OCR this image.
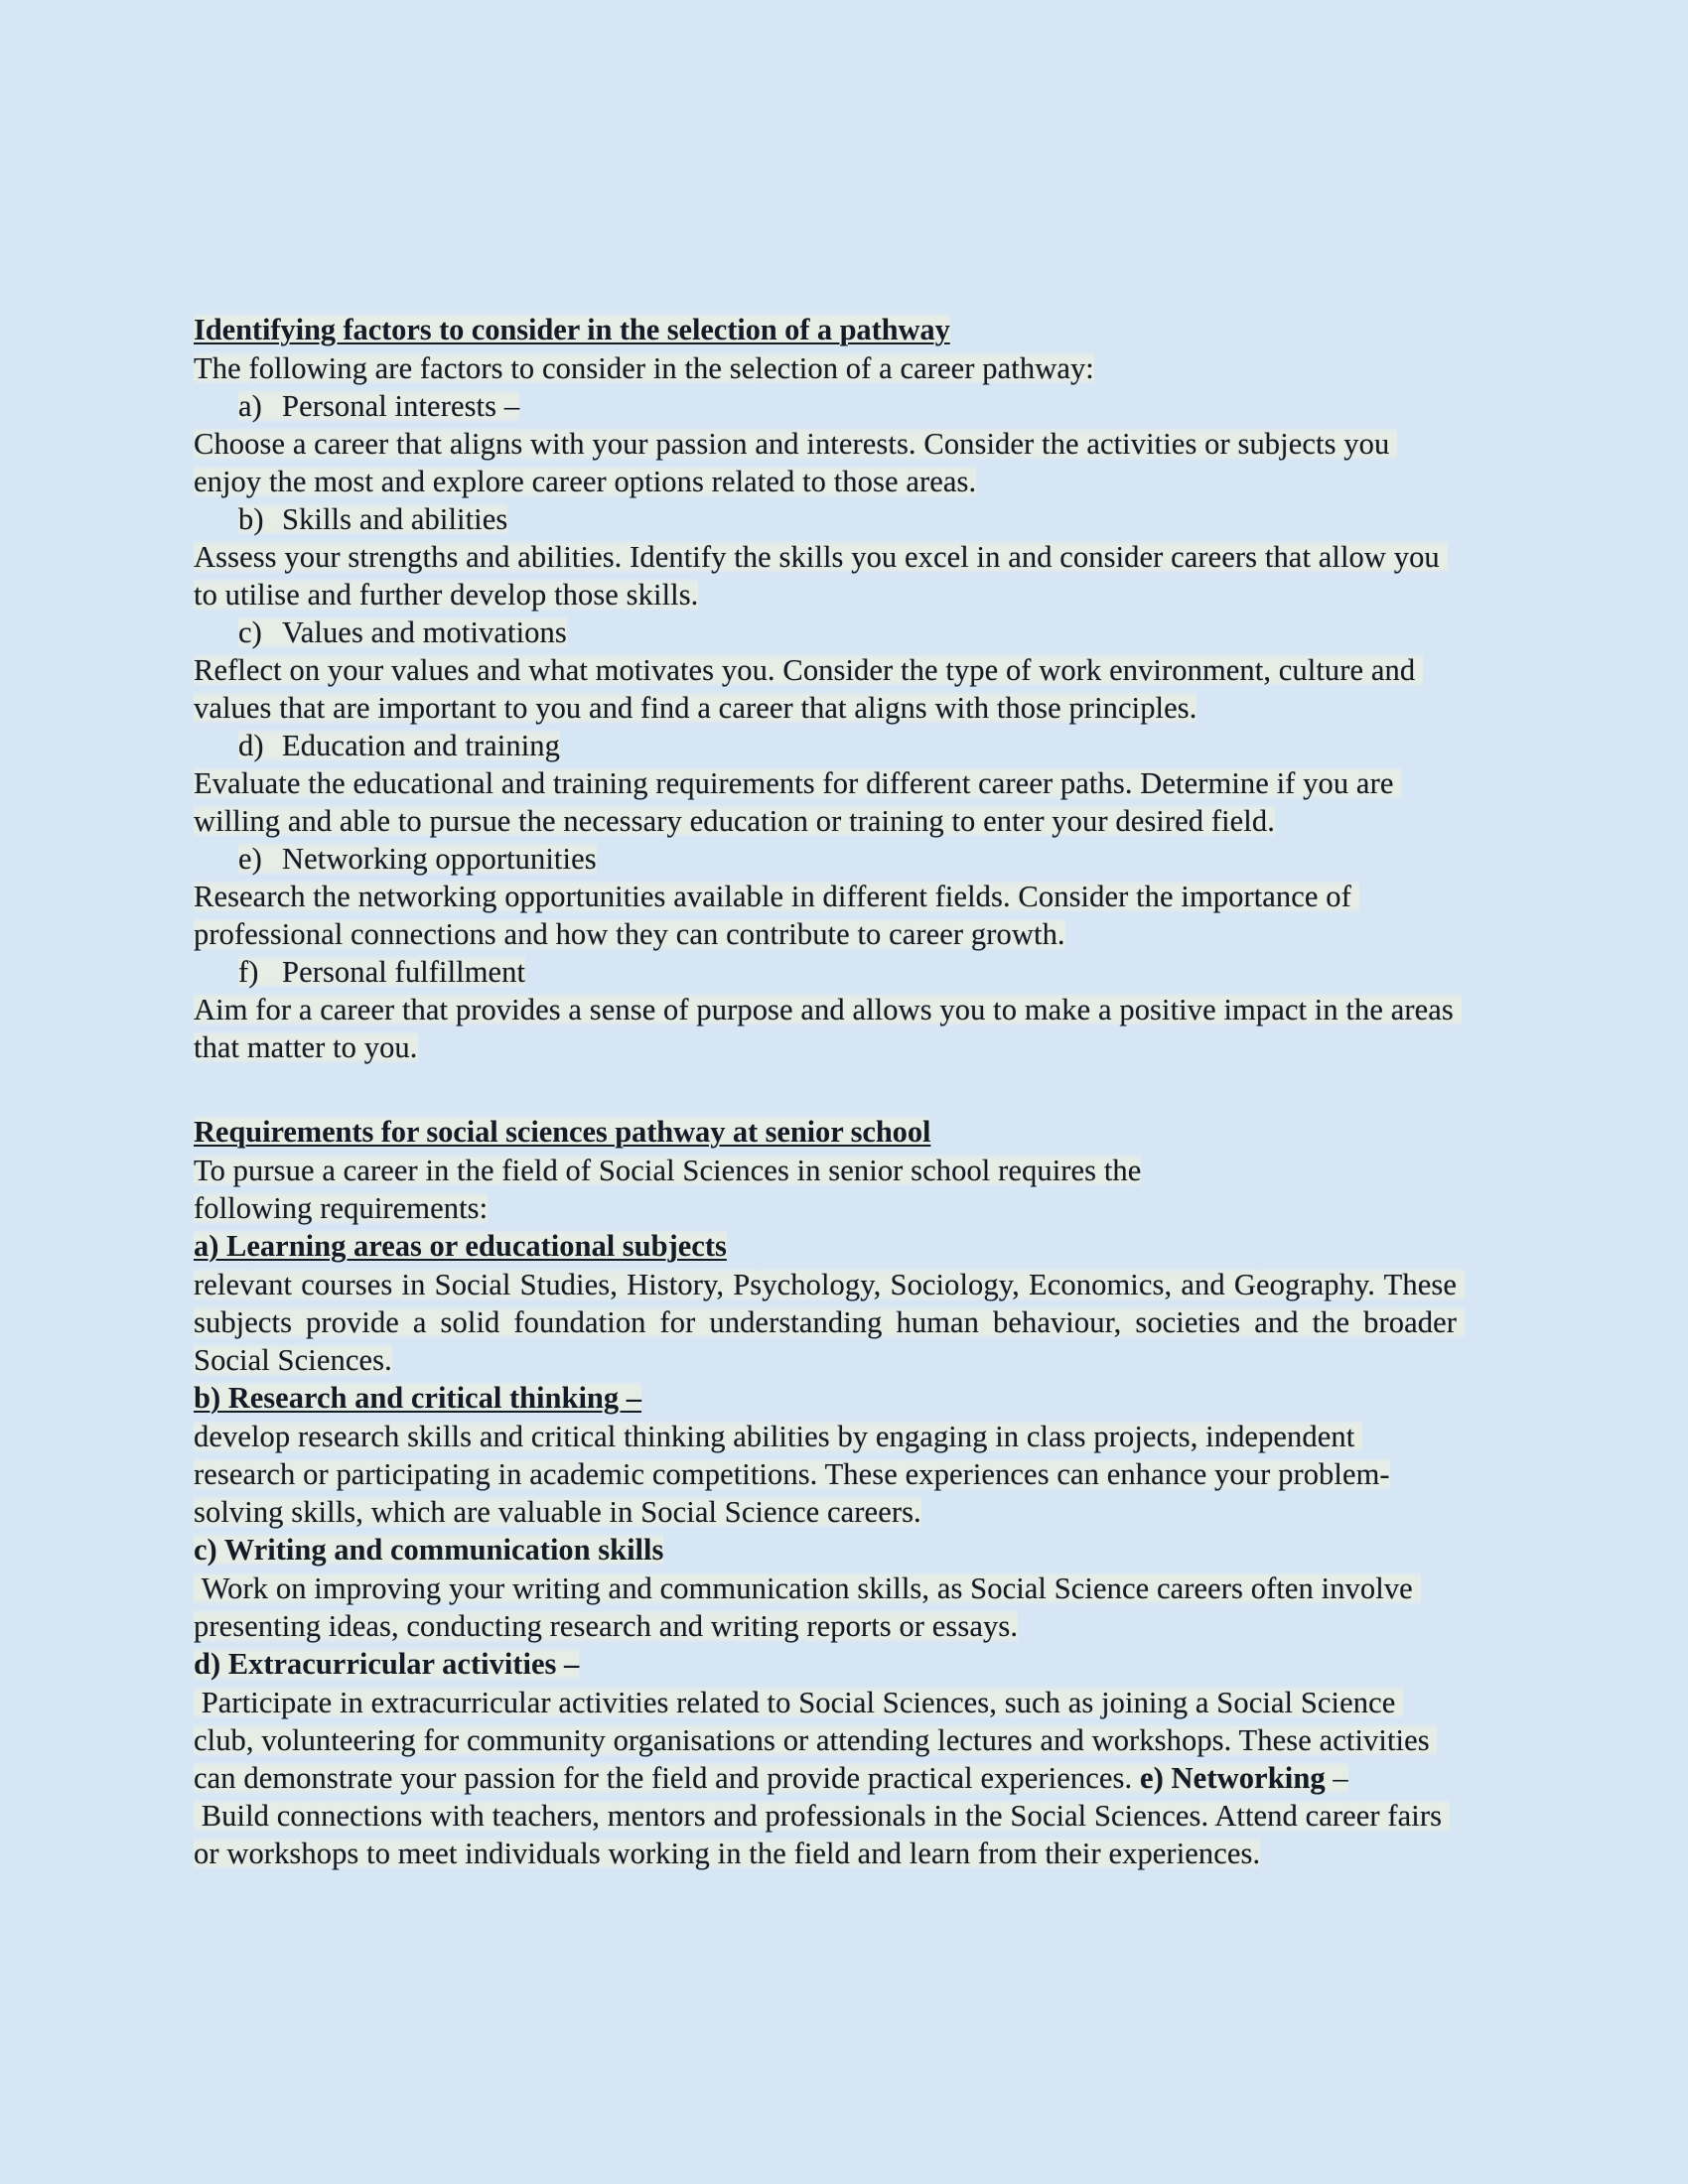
Identifying factors to consider in the selection of a pathway
The following are factors to consider in the selection of a career pathway:
a) Personal interests –
Choose a career that aligns with your passion and interests. Consider the activities or subjects you enjoy the most and explore career options related to those areas.
b) Skills and abilities
Assess your strengths and abilities. Identify the skills you excel in and consider careers that allow you to utilise and further develop those skills.
c) Values and motivations
Reflect on your values and what motivates you. Consider the type of work environment, culture and values that are important to you and find a career that aligns with those principles.
d) Education and training
Evaluate the educational and training requirements for different career paths. Determine if you are willing and able to pursue the necessary education or training to enter your desired field.
e) Networking opportunities
Research the networking opportunities available in different fields. Consider the importance of professional connections and how they can contribute to career growth.
f) Personal fulfillment
Aim for a career that provides a sense of purpose and allows you to make a positive impact in the areas that matter to you.
Requirements for social sciences pathway at senior school
To pursue a career in the field of Social Sciences in senior school requires the
following requirements:
a) Learning areas or educational subjects
relevant courses in Social Studies, History, Psychology, Sociology, Economics, and Geography. These subjects provide a solid foundation for understanding human behaviour, societies and the broader Social Sciences.
b) Research and critical thinking –
develop research skills and critical thinking abilities by engaging in class projects, independent research or participating in academic competitions. These experiences can enhance your problem-solving skills, which are valuable in Social Science careers.
c) Writing and communication skills
Work on improving your writing and communication skills, as Social Science careers often involve presenting ideas, conducting research and writing reports or essays.
d) Extracurricular activities –
Participate in extracurricular activities related to Social Sciences, such as joining a Social Science club, volunteering for community organisations or attending lectures and workshops. These activities can demonstrate your passion for the field and provide practical experiences. e) Networking –
Build connections with teachers, mentors and professionals in the Social Sciences. Attend career fairs or workshops to meet individuals working in the field and learn from their experiences.
